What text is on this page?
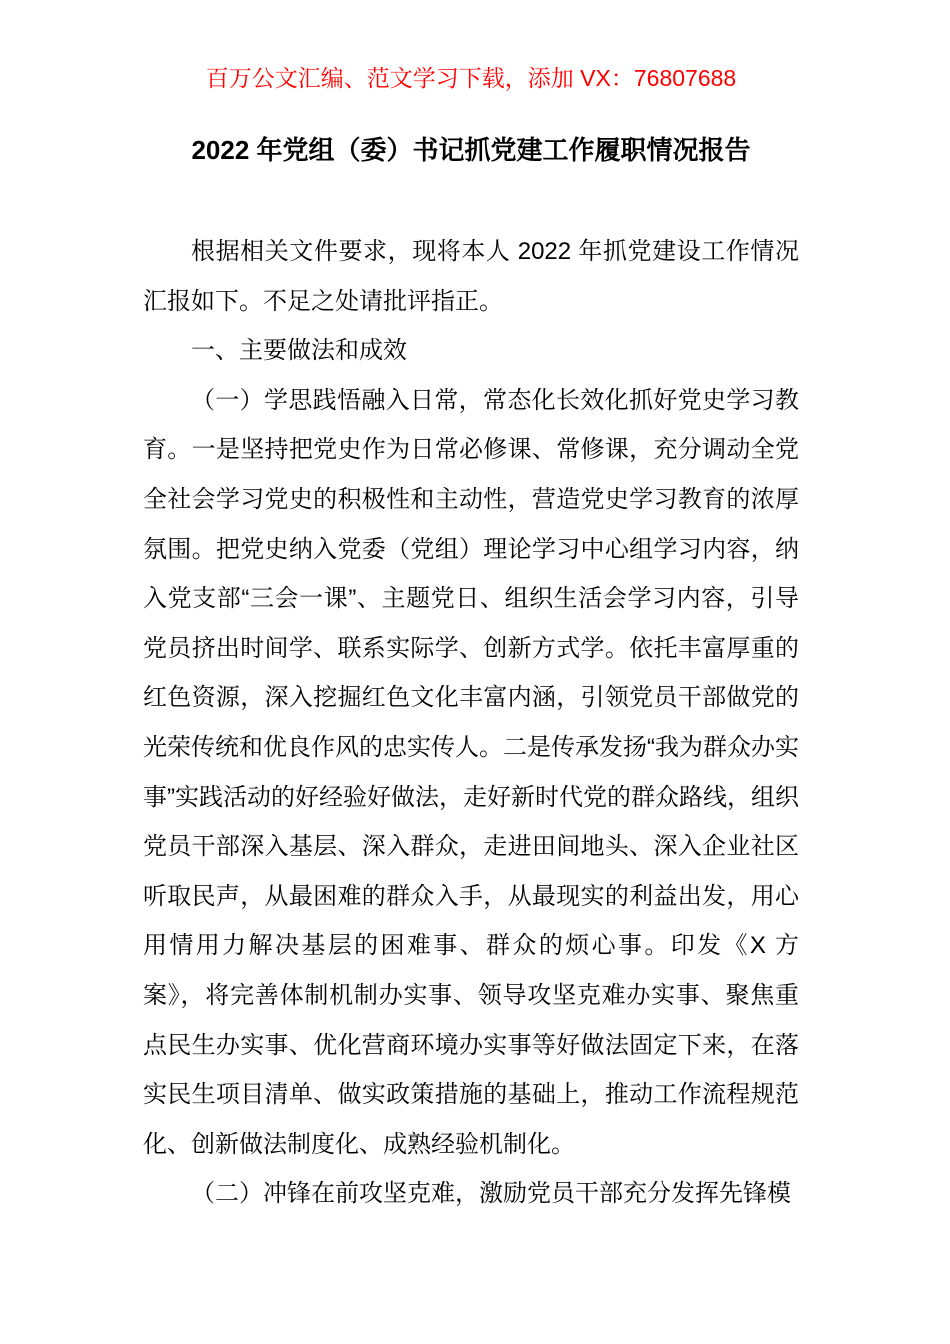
百万公文汇编、范文学习下载，添加 VX：76807688
2022 年党组（委）书记抓党建工作履职情况报告

根据相关文件要求，现将本人 2022 年抓党建设工作情况汇报如下。不足之处请批评指正。

一、主要做法和成效

（一）学思践悟融入日常，常态化长效化抓好党史学习教育。一是坚持把党史作为日常必修课、常修课，充分调动全党全社会学习党史的积极性和主动性，营造党史学习教育的浓厚氛围。把党史纳入党委（党组）理论学习中心组学习内容，纳入党支部“三会一课”、主题党日、组织生活会学习内容，引导党员挤出时间学、联系实际学、创新方式学。依托丰富厚重的红色资源，深入挖掘红色文化丰富内涵，引领党员干部做党的光荣传统和优良作风的忠实传人。二是传承发扬“我为群众办实事”实践活动的好经验好做法，走好新时代党的群众路线，组织党员干部深入基层、深入群众，走进田间地头、深入企业社区听取民声，从最困难的群众入手，从最现实的利益出发，用心用情用力解决基层的困难事、群众的烦心事。印发《X 方案》，将完善体制机制办实事、领导攻坚克难办实事、聚焦重点民生办实事、优化营商环境办实事等好做法固定下来，在落实民生项目清单、做实政策措施的基础上，推动工作流程规范化、创新做法制度化、成熟经验机制化。

（二）冲锋在前攻坚克难，激励党员干部充分发挥先锋模
